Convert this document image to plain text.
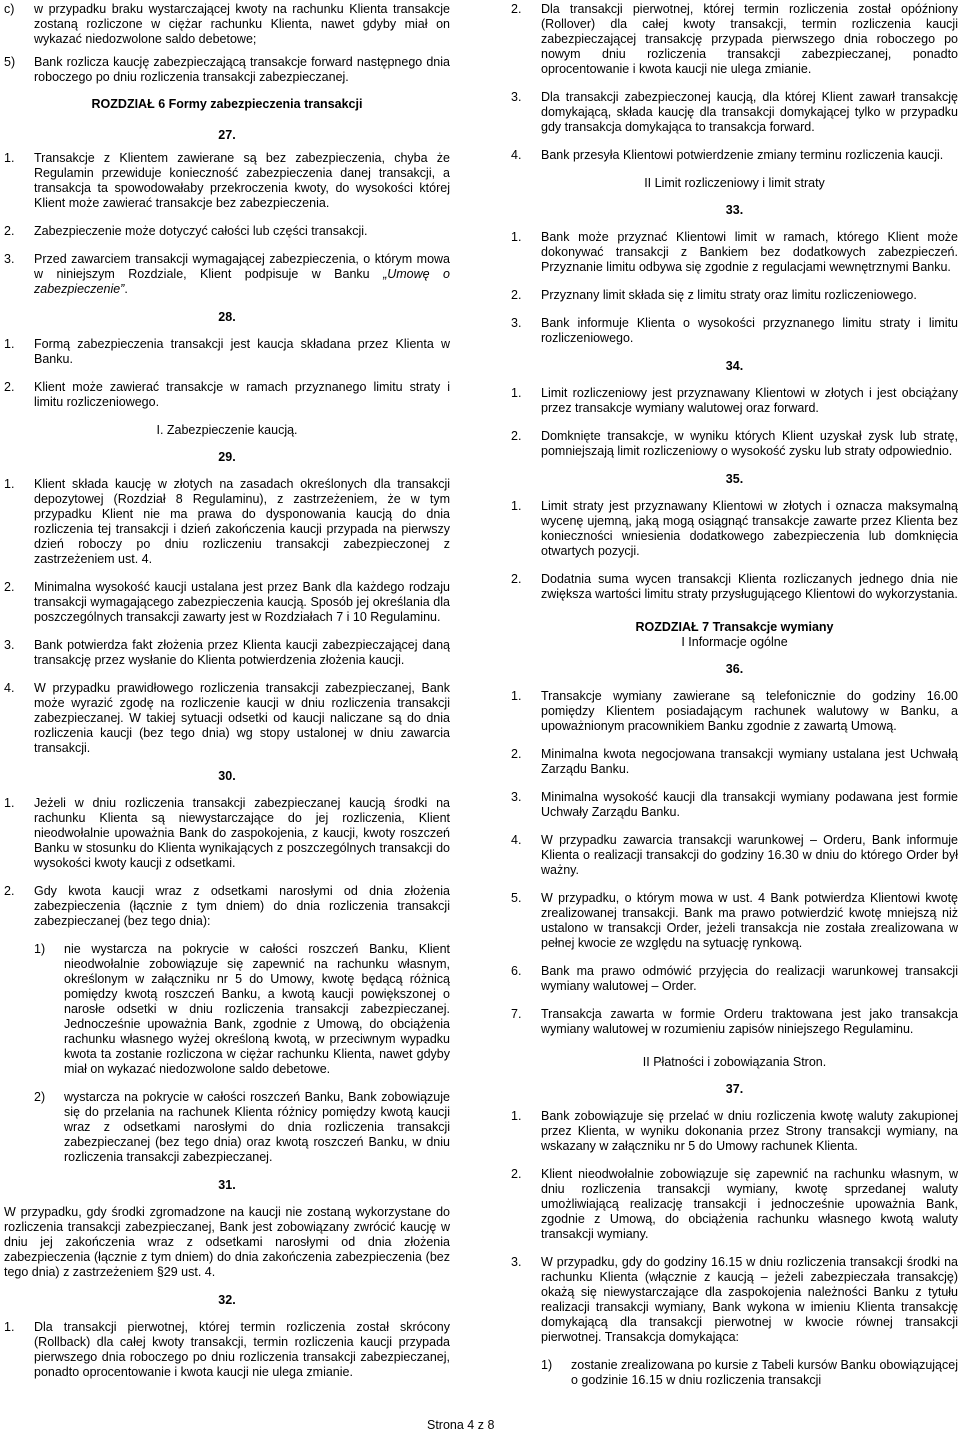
c)	w przypadku braku wystarczającej kwoty na rachunku Klienta transakcje zostaną rozliczone w ciężar rachunku Klienta, nawet gdyby miał on wykazać niedozwolone saldo debetowe;
5)	Bank rozlicza kaucję zabezpieczającą transakcje forward następnego dnia roboczego po dniu rozliczenia transakcji zabezpieczanej.
ROZDZIAŁ 6 Formy zabezpieczenia transakcji
27.
1.	Transakcje z Klientem zawierane są bez zabezpieczenia, chyba że Regulamin przewiduje konieczność zabezpieczenia danej transakcji, a transakcja ta spowodowałaby przekroczenia kwoty, do wysokości której Klient może zawierać transakcje bez zabezpieczenia.
2.	Zabezpieczenie może dotyczyć całości lub części transakcji.
3.	Przed zawarciem transakcji wymagającej zabezpieczenia, o którym mowa w niniejszym Rozdziale, Klient podpisuje w Banku „Umowę o zabezpieczenie”.
28.
1.	Formą zabezpieczenia transakcji jest kaucja składana przez Klienta w Banku.
2.	Klient może zawierać transakcje w ramach przyznanego limitu straty i limitu rozliczeniowego.
I. Zabezpieczenie kaucją.
29.
1.	Klient składa kaucję w złotych na zasadach określonych dla transakcji depozytowej (Rozdział 8 Regulaminu), z zastrzeżeniem, że w tym przypadku Klient nie ma prawa do dysponowania kaucją do dnia rozliczenia tej transakcji i dzień zakończenia kaucji przypada na pierwszy dzień roboczy po dniu rozliczeniu transakcji zabezpieczonej z zastrzeżeniem ust. 4.
2.	Minimalna wysokość kaucji ustalana jest przez Bank dla każdego rodzaju transakcji wymagającego zabezpieczenia kaucją. Sposób jej określania dla poszczególnych transakcji zawarty jest w Rozdziałach 7 i 10 Regulaminu.
3.	Bank potwierdza fakt złożenia przez Klienta kaucji zabezpieczającej daną transakcję przez wysłanie do Klienta potwierdzenia złożenia kaucji.
4.	W przypadku prawidłowego rozliczenia transakcji zabezpieczanej, Bank może wyrazić zgodę na rozliczenie kaucji w dniu rozliczenia transakcji zabezpieczanej. W takiej sytuacji odsetki od kaucji naliczane są do dnia rozliczenia kaucji (bez tego dnia) wg stopy ustalonej w dniu zawarcia transakcji.
30.
1.	Jeżeli w dniu rozliczenia transakcji zabezpieczanej kaucją środki na rachunku Klienta są niewystarczające do jej rozliczenia, Klient nieodwołalnie upoważnia Bank do zaspokojenia, z kaucji, kwoty roszczeń Banku w stosunku do Klienta wynikających z poszczególnych transakcji do wysokości kwoty kaucji z odsetkami.
2.	Gdy kwota kaucji wraz z odsetkami narosłymi od dnia złożenia zabezpieczenia (łącznie z tym dniem) do dnia rozliczenia transakcji zabezpieczanej (bez tego dnia):
1)	nie wystarcza na pokrycie w całości roszczeń Banku, Klient nieodwołalnie zobowiązuje się zapewnić na rachunku własnym, określonym w załączniku nr 5 do Umowy, kwotę będącą różnicą pomiędzy kwotą roszczeń Banku, a kwotą kaucji powiększonej o narosłe odsetki w dniu rozliczenia transakcji zabezpieczanej. Jednocześnie upoważnia Bank, zgodnie z Umową, do obciążenia rachunku własnego wyżej określoną kwotą, w przeciwnym wypadku kwota ta zostanie rozliczona w ciężar rachunku Klienta, nawet gdyby miał on wykazać niedozwolone saldo debetowe.
2)	wystarcza na pokrycie w całości roszczeń Banku, Bank zobowiązuje się do przelania na rachunek Klienta różnicy pomiędzy kwotą kaucji wraz z odsetkami narosłymi do dnia rozliczenia transakcji zabezpieczanej (bez tego dnia) oraz kwotą roszczeń Banku, w dniu rozliczenia transakcji zabezpieczanej.
31.
W przypadku, gdy środki zgromadzone na kaucji nie zostaną wykorzystane do rozliczenia transakcji zabezpieczanej, Bank jest zobowiązany zwrócić kaucję w dniu jej zakończenia wraz z odsetkami narosłymi od dnia złożenia zabezpieczenia (łącznie z tym dniem) do dnia zakończenia zabezpieczenia (bez tego dnia) z zastrzeżeniem §29 ust. 4.
32.
1.	Dla transakcji pierwotnej, której termin rozliczenia został skrócony (Rollback) dla całej kwoty transakcji, termin rozliczenia kaucji przypada pierwszego dnia roboczego po dniu rozliczenia transakcji zabezpieczanej, ponadto oprocentowanie i kwota kaucji nie ulega zmianie.
2.	Dla transakcji pierwotnej, której termin rozliczenia został opóźniony (Rollover) dla całej kwoty transakcji, termin rozliczenia kaucji zabezpieczającej transakcję przypada pierwszego dnia roboczego po nowym dniu rozliczenia transakcji zabezpieczanej, ponadto oprocentowanie i kwota kaucji nie ulega zmianie.
3.	Dla transakcji zabezpieczonej kaucją, dla której Klient zawarł transakcję domykającą, składa kaucję dla transakcji domykającej tylko w przypadku gdy transakcja domykająca to transakcja forward.
4.	Bank przesyła Klientowi potwierdzenie zmiany terminu rozliczenia kaucji.
II Limit rozliczeniowy i limit straty
33.
1.	Bank może przyznać Klientowi limit w ramach, którego Klient może dokonywać transakcji z Bankiem bez dodatkowych zabezpieczeń. Przyznanie limitu odbywa się zgodnie z regulacjami wewnętrznymi Banku.
2.	Przyznany limit składa się z limitu straty oraz limitu rozliczeniowego.
3.	Bank informuje Klienta o wysokości przyznanego limitu straty i limitu rozliczeniowego.
34.
1.	Limit rozliczeniowy jest przyznawany Klientowi w złotych i jest obciążany przez transakcje wymiany walutowej oraz forward.
2.	Domknięte transakcje, w wyniku których Klient uzyskał zysk lub stratę, pomniejszają limit rozliczeniowy o wysokość zysku lub straty odpowiednio.
35.
1.	Limit straty jest przyznawany Klientowi w złotych i oznacza maksymalną wycenę ujemną, jaką mogą osiągnąć transakcje zawarte przez Klienta bez konieczności wniesienia dodatkowego zabezpieczenia lub domknięcia otwartych pozycji.
2.	Dodatnia suma wycen transakcji Klienta rozliczanych jednego dnia nie zwiększa wartości limitu straty przysługującego Klientowi do wykorzystania.
ROZDZIAŁ 7 Transakcje wymiany
I Informacje ogólne
36.
1.	Transakcje wymiany zawierane są telefonicznie do godziny 16.00 pomiędzy Klientem posiadającym rachunek walutowy w Banku, a upoważnionym pracownikiem Banku zgodnie z zawartą Umową.
2.	Minimalna kwota negocjowana transakcji wymiany ustalana jest Uchwałą Zarządu Banku.
3.	Minimalna wysokość kaucji dla transakcji wymiany podawana jest formie Uchwały Zarządu Banku.
4.	W przypadku zawarcia transakcji warunkowej – Orderu, Bank informuje Klienta o realizacji transakcji do godziny 16.30 w dniu do którego Order był ważny.
5.	W przypadku, o którym mowa w ust. 4 Bank potwierdza Klientowi kwotę zrealizowanej transakcji. Bank ma prawo potwierdzić kwotę mniejszą niż ustalono w transakcji Order, jeżeli transakcja nie została zrealizowana w pełnej kwocie ze względu na sytuację rynkową.
6.	Bank ma prawo odmówić przyjęcia do realizacji warunkowej transakcji wymiany walutowej – Order.
7.	Transakcja zawarta w formie Orderu traktowana jest jako transakcja wymiany walutowej w rozumieniu zapisów niniejszego Regulaminu.
II Płatności i zobowiązania Stron.
37.
1.	Bank zobowiązuje się przelać w dniu rozliczenia kwotę waluty zakupionej przez Klienta, w wyniku dokonania przez Strony transakcji wymiany, na wskazany w załączniku nr 5 do Umowy rachunek Klienta.
2.	Klient nieodwołalnie zobowiązuje się zapewnić na rachunku własnym, w dniu rozliczenia transakcji wymiany, kwotę sprzedanej waluty umożliwiającą realizację transakcji i jednocześnie upoważnia Bank, zgodnie z Umową, do obciążenia rachunku własnego kwotą waluty transakcji wymiany.
3.	W przypadku, gdy do godziny 16.15 w dniu rozliczenia transakcji środki na rachunku Klienta (włącznie z kaucją – jeżeli zabezpieczała transakcję) okażą się niewystarczające dla zaspokojenia należności Banku z tytułu realizacji transakcji wymiany, Bank wykona w imieniu Klienta transakcję domykającą dla transakcji pierwotnej w kwocie równej transakcji pierwotnej. Transakcja domykająca:
1)	zostanie zrealizowana po kursie z Tabeli kursów Banku obowiązującej o godzinie 16.15 w dniu rozliczenia transakcji
Strona 4 z 8
